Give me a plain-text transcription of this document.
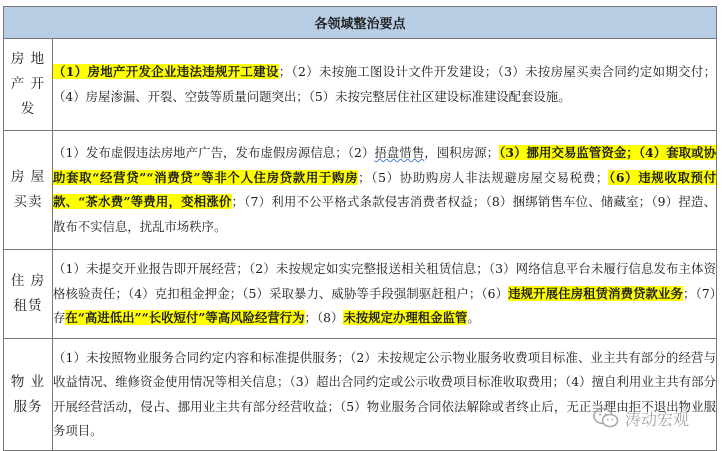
各领域整治要点	
房 地
产 开
发	（1）房地产开发企业违法违规开工建设；（2）未按施工图设计文件开发建设；（3）未按房屋买卖合同约定如期交付；（4）房屋渗漏、开裂、空鼓等质量问题突出；（5）未按完整居住社区建设标准建设配套设施。
房 屋
买卖	（1）发布虚假违法房地产广告，发布虚假房源信息；（2）捂盘惜售，囤积房源；（3）挪用交易监管资金；（4）套取或协助套取“经营贷”“消费贷”等非个人住房贷款用于购房；（5）协助购房人非法规避房屋交易税费；（6）违规收取预付款、“茶水费”等费用，变相涨价；（7）利用不公平格式条款侵害消费者权益；（8）捆绑销售车位、储藏室；（9）捏造、散布不实信息，扰乱市场秩序。
住 房
租赁	（1）未提交开业报告即开展经营；（2）未按规定如实完整报送相关租赁信息；（3）网络信息平台未履行信息发布主体资格核验责任；（4）克扣租金押金；（5）采取暴力、威胁等手段强制驱赶租户；（6）违规开展住房租赁消费贷款业务；（7）存在“高进低出”“长收短付”等高风险经营行为；（8）未按规定办理租金监管。
物 业
服务	（1）未按照物业服务合同约定内容和标准提供服务；（2）未按规定公示物业服务收费项目标准、业主共有部分的经营与收益情况、维修资金使用情况等相关信息；（3）超出合同约定或公示收费项目标准收取费用；（4）擅自利用业主共有部分开展经营活动，侵占、挪用业主共有部分经营收益；（5）物业服务合同依法解除或者终止后，无正当理由拒不退出物业服务项目。
涛动宏观
